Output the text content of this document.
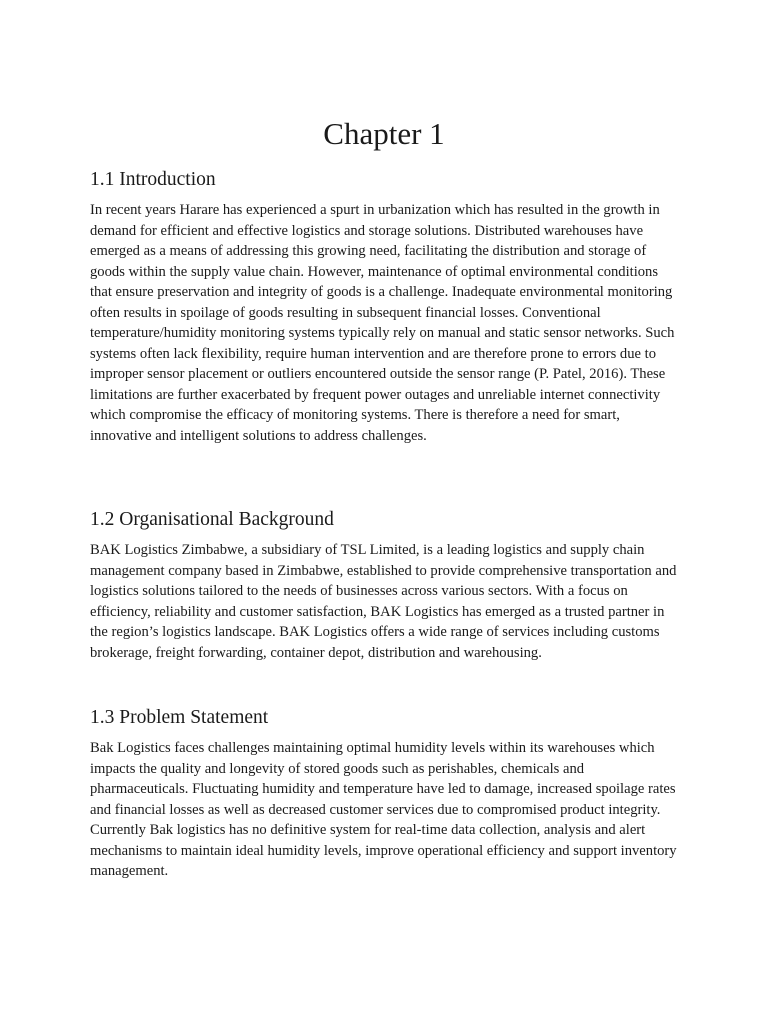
Chapter 1
1.1 Introduction

In recent years Harare has experienced a spurt in urbanization which has resulted in the growth in demand for efficient and effective logistics and storage solutions. Distributed warehouses have emerged as a means of addressing this growing need, facilitating the distribution and storage of goods within the supply value chain. However, maintenance of optimal environmental conditions that ensure preservation and integrity of goods is a challenge. Inadequate environmental monitoring often results in spoilage of goods resulting in subsequent financial losses. Conventional temperature/humidity monitoring systems typically rely on manual and static sensor networks. Such systems often lack flexibility, require human intervention and are therefore prone to errors due to improper sensor placement or outliers encountered outside the sensor range (P. Patel, 2016). These limitations are further exacerbated by frequent power outages and unreliable internet connectivity which compromise the efficacy of monitoring systems. There is therefore a need for smart, innovative and intelligent solutions to address challenges.

1.2 Organisational Background

BAK Logistics Zimbabwe, a subsidiary of TSL Limited, is a leading logistics and supply chain management company based in Zimbabwe, established to provide comprehensive transportation and logistics solutions tailored to the needs of businesses across various sectors. With a focus on efficiency, reliability and customer satisfaction, BAK Logistics has emerged as a trusted partner in the region’s logistics landscape. BAK Logistics offers a wide range of services including customs brokerage, freight forwarding, container depot, distribution and warehousing.

1.3 Problem Statement

Bak Logistics faces challenges maintaining optimal humidity levels within its warehouses which impacts the quality and longevity of stored goods such as perishables, chemicals and pharmaceuticals. Fluctuating humidity and temperature have led to damage, increased spoilage rates and financial losses as well as decreased customer services due to compromised product integrity. Currently Bak logistics has no definitive system for real-time data collection, analysis and alert mechanisms to maintain ideal humidity levels, improve operational efficiency and support inventory management.
